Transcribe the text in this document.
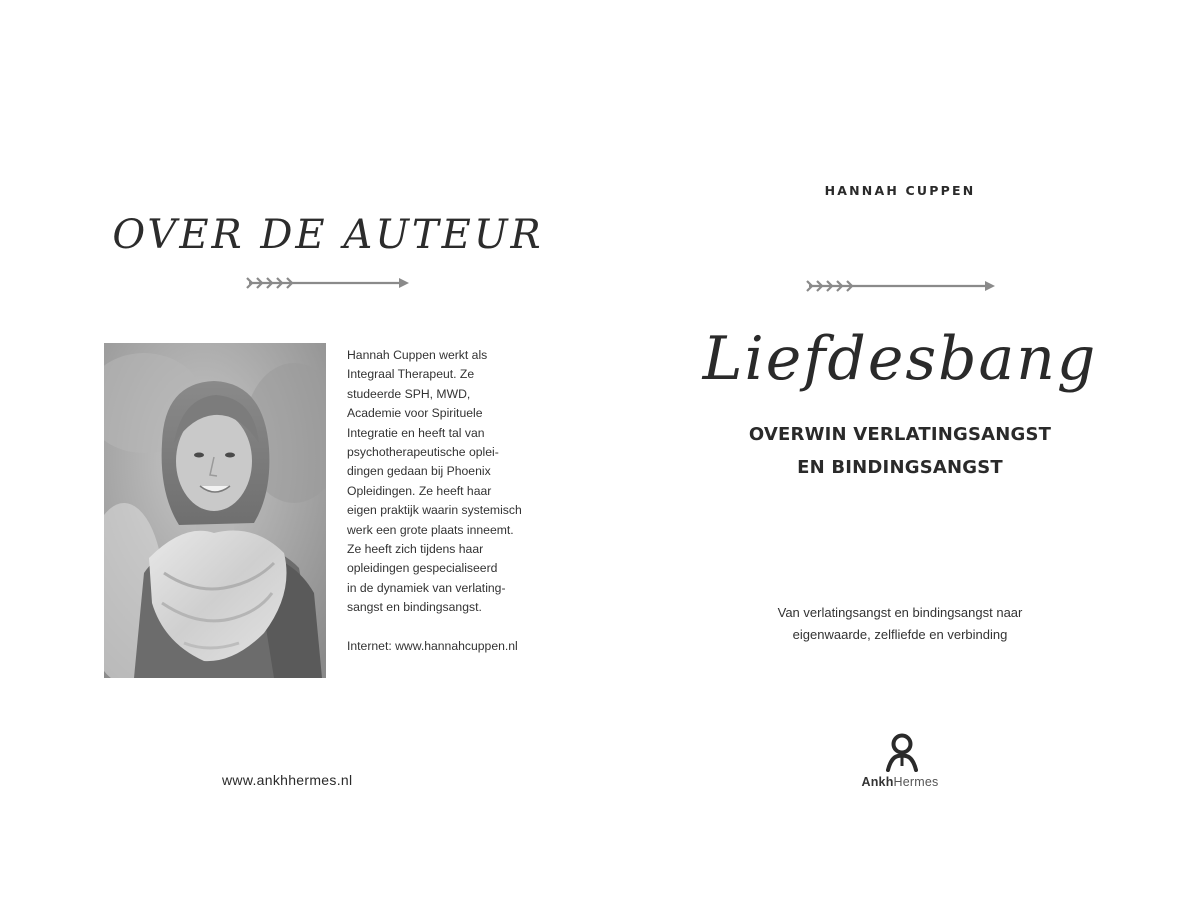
OVER DE AUTEUR

Hannah Cuppen werkt als
Integraal Therapeut. Ze
studeerde SPH, MWD,
Academie voor Spirituele
Integratie en heeft tal van
psychotherapeutische oplei-
dingen gedaan bij Phoenix
Opleidingen. Ze heeft haar
eigen praktijk waarin systemisch
werk een grote plaats inneemt.
Ze heeft zich tijdens haar
opleidingen gespecialiseerd
in de dynamiek van verlating-
sangst en bindingsangst.

Internet: www.hannahcuppen.nl

www.ankhhermes.nl
HANNAH CUPPEN
Liefdesbang
OVERWIN VERLATINGSANGST
EN BINDINGSANGST
Van verlatingsangst en bindingsangst naar
eigenwaarde, zelfliefde en verbinding
AnkhHermes
